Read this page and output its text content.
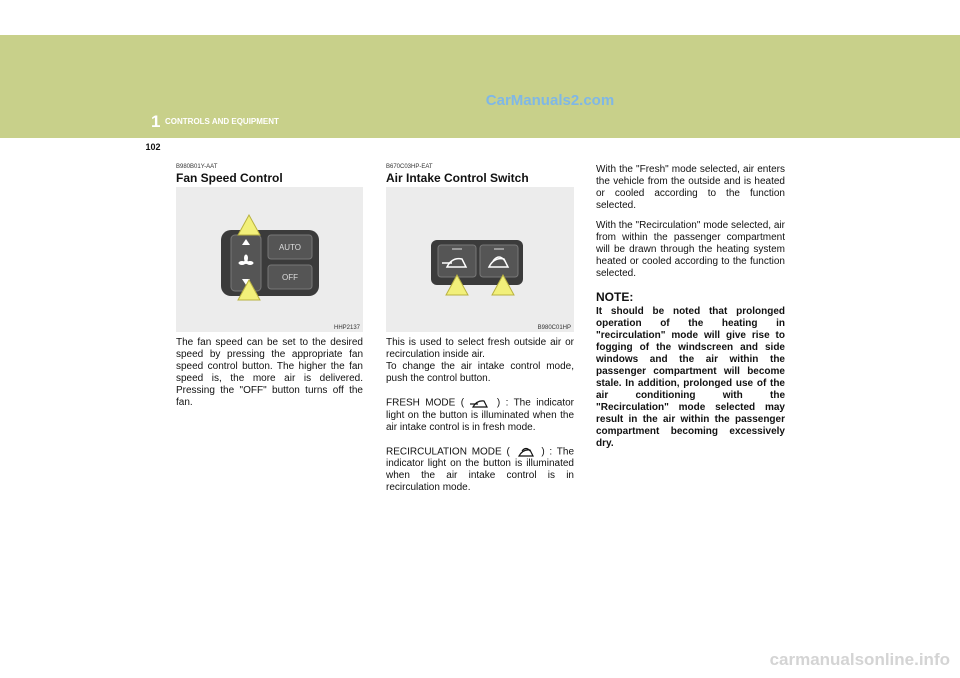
CarManuals2.com
1 CONTROLS AND EQUIPMENT
102
B980B01Y-AAT
Fan Speed Control
AUTO
OFF
HHP2137

The fan speed can be set to the desired speed by pressing the appropriate fan speed control button. The higher the fan speed is, the more air is delivered. Pressing the "OFF" button turns off the fan.

B670C03HP-EAT
Air Intake Control Switch
B980C01HP

This is used to select fresh outside air or recirculation inside air.

To change the air intake control mode, push the control button.

FRESH MODE (	) : The indicator light on the button is illuminated when the air intake control is in fresh mode.

RECIRCULATION MODE (	) : The indicator light on the button is illuminated when the air intake control is in recirculation mode.

With the "Fresh" mode selected, air enters the vehicle from the outside and is heated or cooled according to the function selected.

With the "Recirculation" mode selected, air from within the passenger compartment will be drawn through the heating system heated or cooled according to the function selected.

NOTE:

It should be noted that prolonged operation of the heating in "recirculation" mode will give rise to fogging of the windscreen and side windows and the air within the passenger compartment will become stale. In addition, prolonged use of the air conditioning with the "Recirculation" mode selected may result in the air within the passenger compartment becoming excessively dry.

carmanualsonline.info
